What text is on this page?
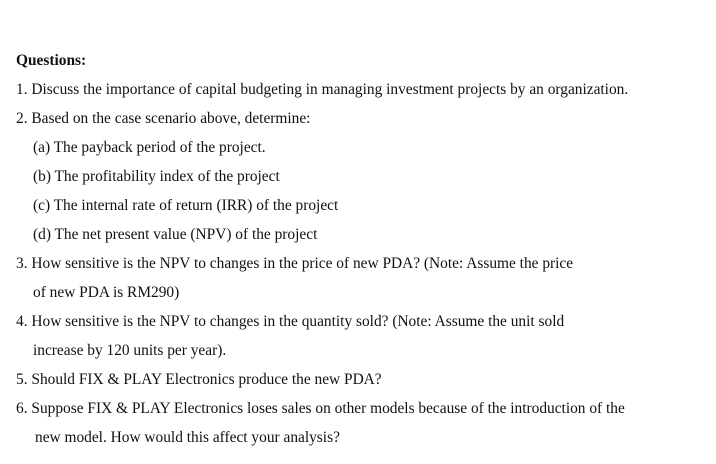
Questions:
1. Discuss the importance of capital budgeting in managing investment projects by an organization.
2. Based on the case scenario above, determine:
(a) The payback period of the project.
(b) The profitability index of the project
(c) The internal rate of return (IRR) of the project
(d) The net present value (NPV) of the project
3. How sensitive is the NPV to changes in the price of new PDA? (Note: Assume the price
of new PDA is RM290)
4. How sensitive is the NPV to changes in the quantity sold? (Note: Assume the unit sold
increase by 120 units per year).
5. Should FIX & PLAY Electronics produce the new PDA?
6. Suppose FIX & PLAY Electronics loses sales on other models because of the introduction of the
new model. How would this affect your analysis?
